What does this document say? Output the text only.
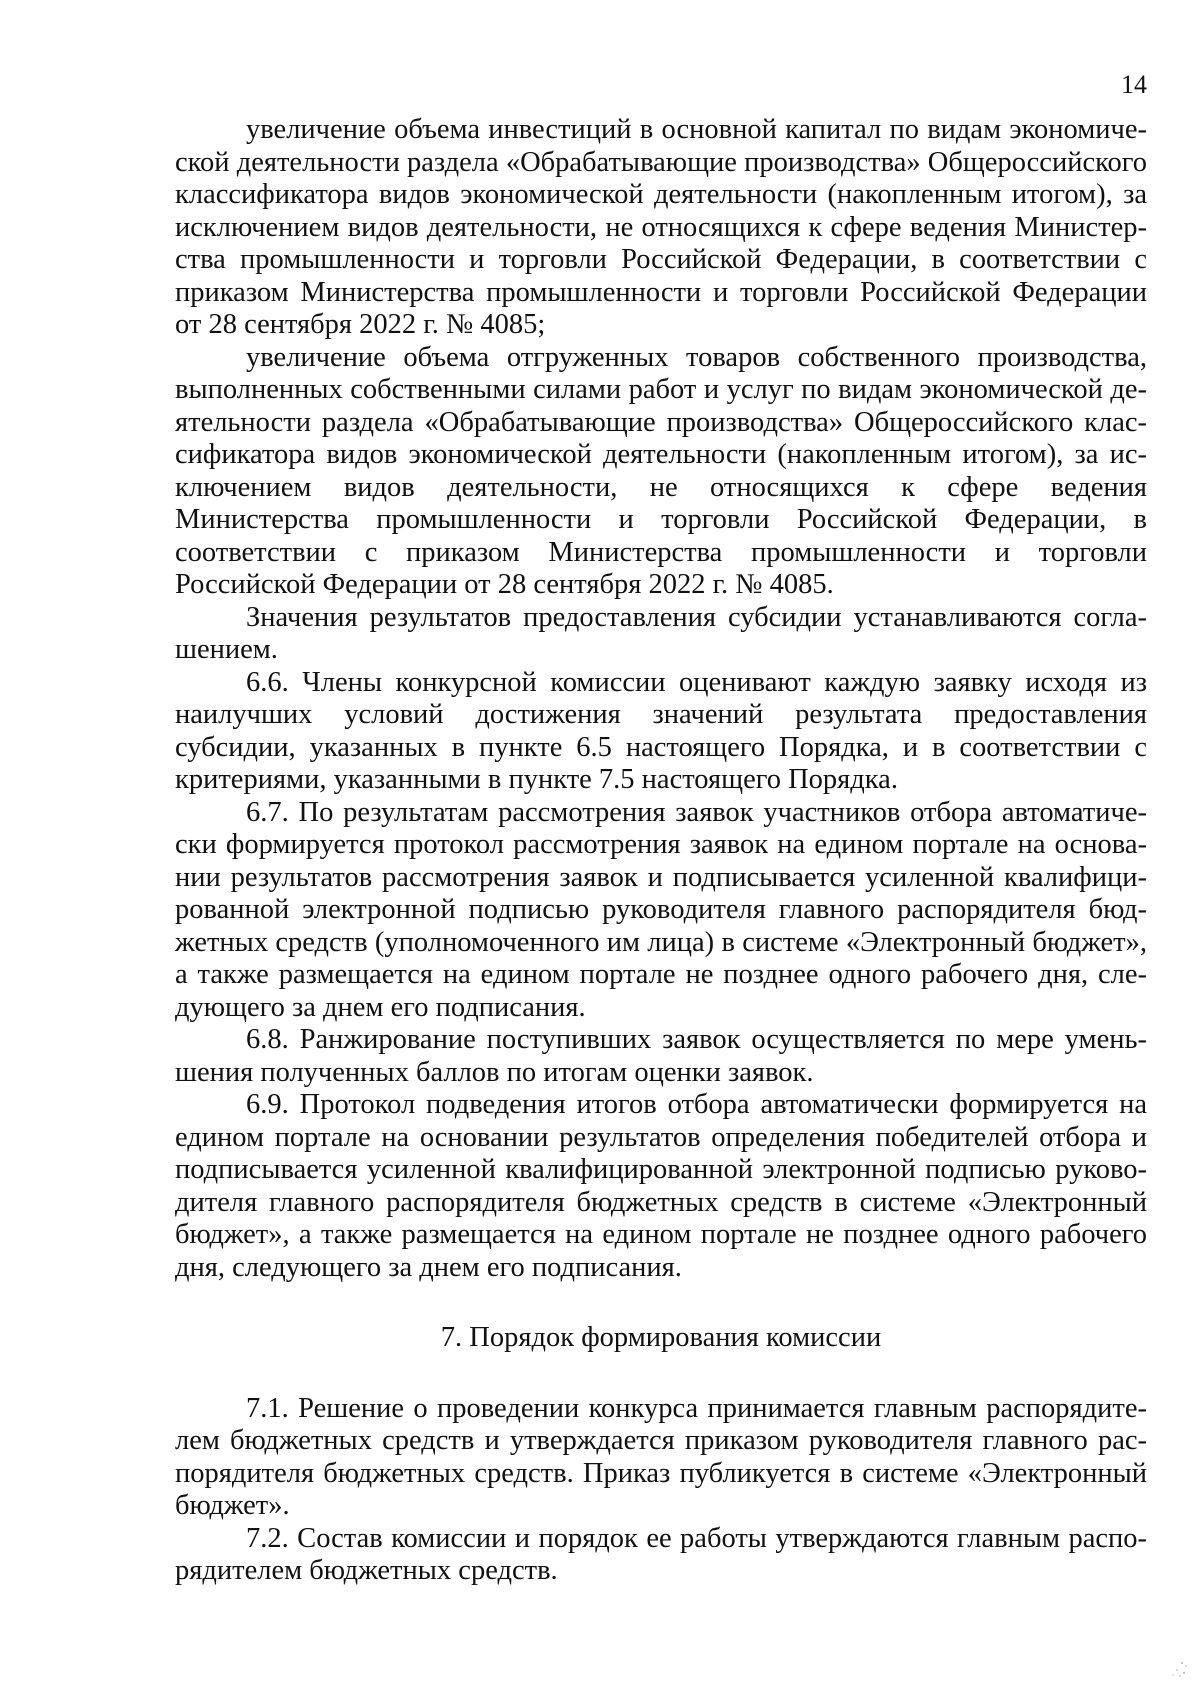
14

увеличение объема инвестиций в основной капитал по видам экономической деятельности раздела «Обрабатывающие производства» Общероссийского классификатора видов экономической деятельности (накопленным итогом), за исключением видов деятельности, не относящихся к сфере ведения Министерства промышленности и торговли Российской Федерации, в соответствии с приказом Министерства промышленности и торговли Российской Федерации от 28 сентября 2022 г. № 4085;

увеличение объема отгруженных товаров собственного производства, выполненных собственными силами работ и услуг по видам экономической деятельности раздела «Обрабатывающие производства» Общероссийского классификатора видов экономической деятельности (накопленным итогом), за исключением видов деятельности, не относящихся к сфере ведения Министерства промышленности и торговли Российской Федерации, в соответствии с приказом Министерства промышленности и торговли Российской Федерации от 28 сентября 2022 г. № 4085.

Значения результатов предоставления субсидии устанавливаются соглашением.

6.6. Члены конкурсной комиссии оценивают каждую заявку исходя из наилучших условий достижения значений результата предоставления субсидии, указанных в пункте 6.5 настоящего Порядка, и в соответствии с критериями, указанными в пункте 7.5 настоящего Порядка.

6.7. По результатам рассмотрения заявок участников отбора автоматически формируется протокол рассмотрения заявок на едином портале на основании результатов рассмотрения заявок и подписывается усиленной квалифицированной электронной подписью руководителя главного распорядителя бюджетных средств (уполномоченного им лица) в системе «Электронный бюджет», а также размещается на едином портале не позднее одного рабочего дня, следующего за днем его подписания.

6.8. Ранжирование поступивших заявок осуществляется по мере уменьшения полученных баллов по итогам оценки заявок.

6.9. Протокол подведения итогов отбора автоматически формируется на едином портале на основании результатов определения победителей отбора и подписывается усиленной квалифицированной электронной подписью руководителя главного распорядителя бюджетных средств в системе «Электронный бюджет», а также размещается на едином портале не позднее одного рабочего дня, следующего за днем его подписания.

7. Порядок формирования комиссии

7.1. Решение о проведении конкурса принимается главным распорядителем бюджетных средств и утверждается приказом руководителя главного распорядителя бюджетных средств. Приказ публикуется в системе «Электронный бюджет».

7.2. Состав комиссии и порядок ее работы утверждаются главным распорядителем бюджетных средств.
